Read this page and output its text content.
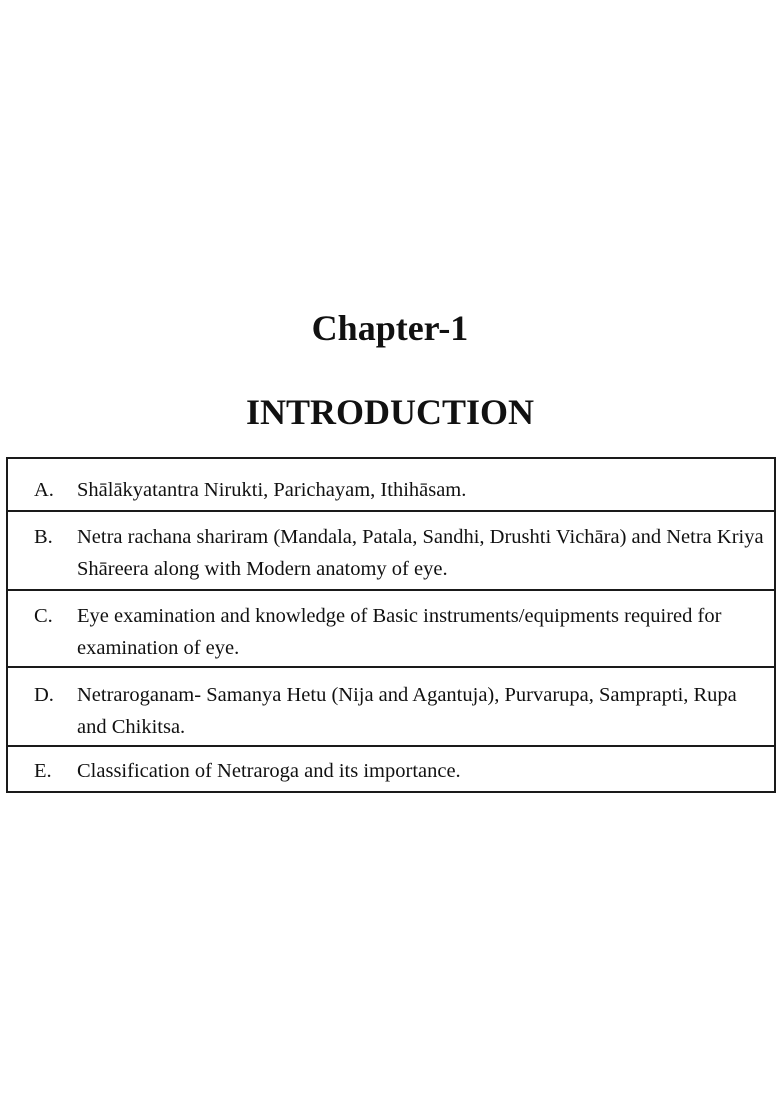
Chapter-1
INTRODUCTION
A.	Shālākyatantra Nirukti, Parichayam, Ithihāsam.
B.	Netra rachana shariram (Mandala, Patala, Sandhi, Drushti Vichāra) and Netra Kriya Shāreera along with Modern anatomy of eye.
C.	Eye examination and knowledge of Basic instruments/equipments required for examination of eye.
D.	Netraroganam- Samanya Hetu (Nija and Agantuja), Purvarupa, Samprapti, Rupa and Chikitsa.
E.	Classification of Netraroga and its importance.
